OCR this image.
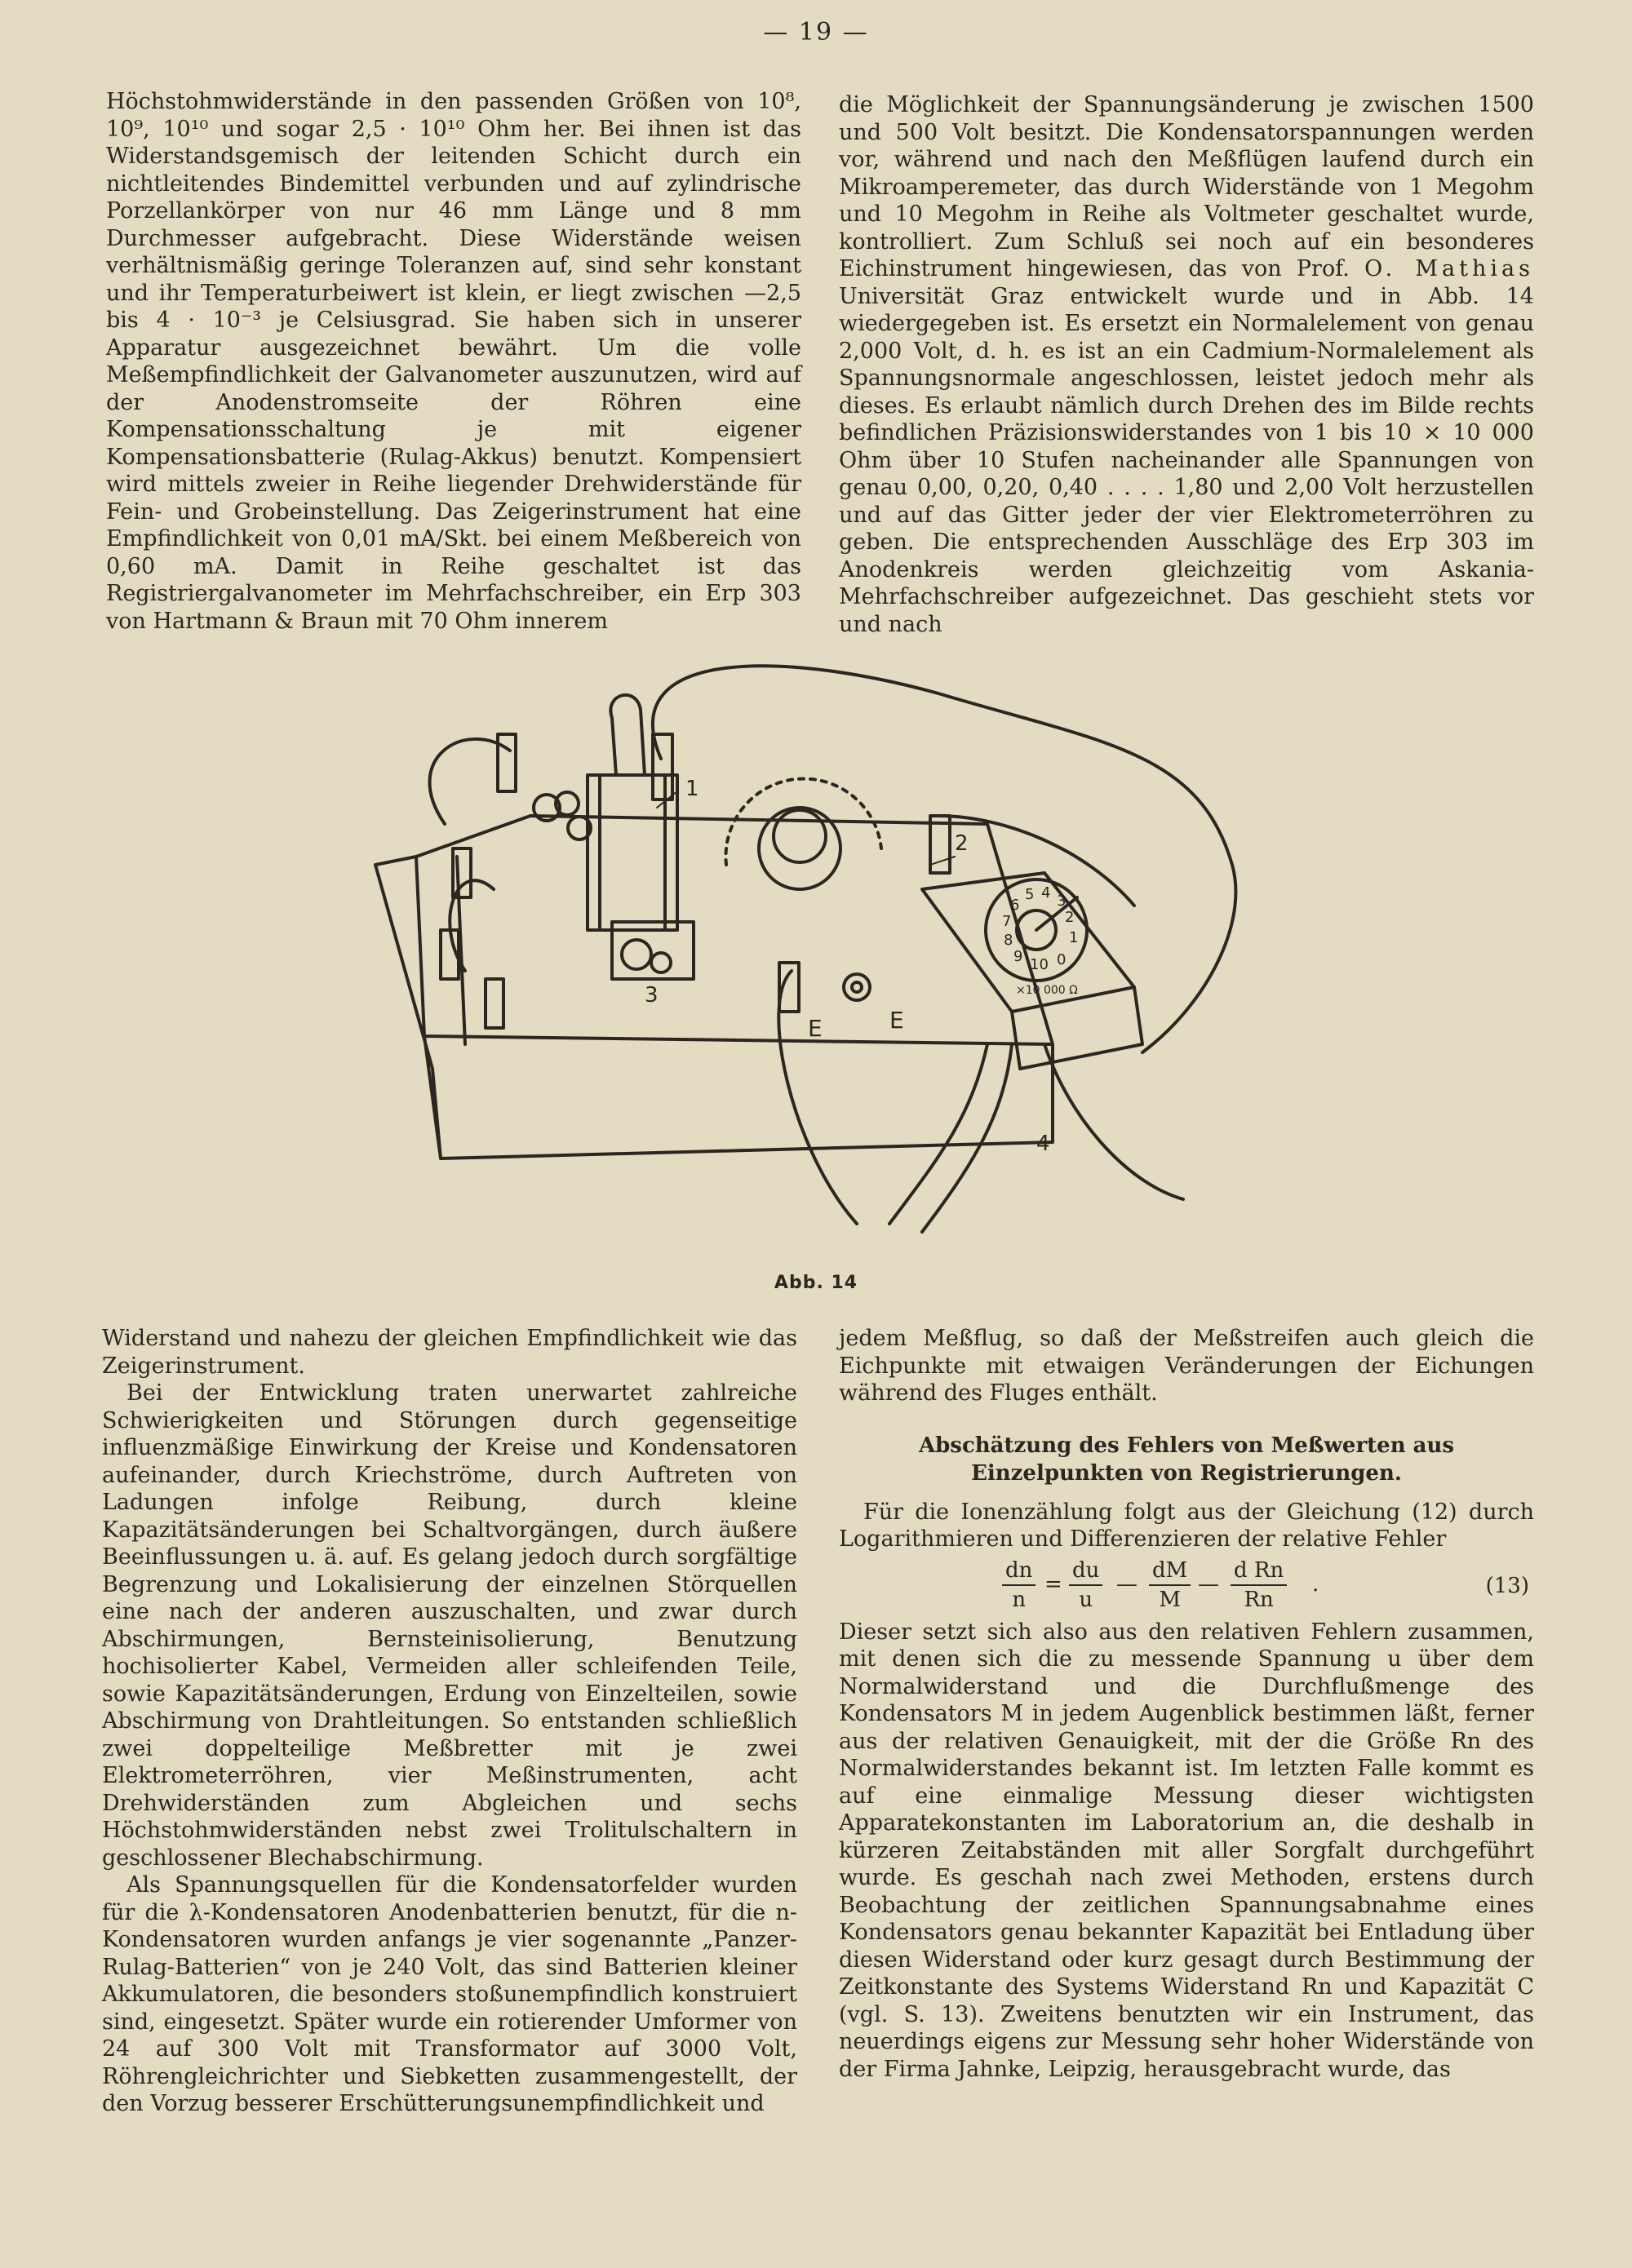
— 19 —

Höchstohmwiderstände in den passenden Größen von 10⁸, 10⁹, 10¹⁰ und sogar 2,5 · 10¹⁰ Ohm her. Bei ihnen ist das Widerstandsgemisch der leitenden Schicht durch ein nichtleitendes Bindemittel verbunden und auf zylindrische Porzellankörper von nur 46 mm Länge und 8 mm Durchmesser aufgebracht. Diese Widerstände weisen verhältnismäßig geringe Toleranzen auf, sind sehr konstant und ihr Temperaturbeiwert ist klein, er liegt zwischen —2,5 bis 4 · 10⁻³ je Celsiusgrad. Sie haben sich in unserer Apparatur ausgezeichnet bewährt. Um die volle Meßempfindlichkeit der Galvanometer auszunutzen, wird auf der Anodenstromseite der Röhren eine Kompensationsschaltung je mit eigener Kompensationsbatterie (Rulag-Akkus) benutzt. Kompensiert wird mittels zweier in Reihe liegender Drehwiderstände für Fein- und Grobeinstellung. Das Zeigerinstrument hat eine Empfindlichkeit von 0,01 mA/Skt. bei einem Meßbereich von 0,60 mA. Damit in Reihe geschaltet ist das Registriergalvanometer im Mehrfachschreiber, ein Erp 303 von Hartmann & Braun mit 70 Ohm innerem

die Möglichkeit der Spannungsänderung je zwischen 1500 und 500 Volt besitzt. Die Kondensatorspannungen werden vor, während und nach den Meßflügen laufend durch ein Mikroamperemeter, das durch Widerstände von 1 Megohm und 10 Megohm in Reihe als Voltmeter geschaltet wurde, kontrolliert. Zum Schluß sei noch auf ein besonderes Eichinstrument hingewiesen, das von Prof. O. Mathias Universität Graz entwickelt wurde und in Abb. 14 wiedergegeben ist. Es ersetzt ein Normalelement von genau 2,000 Volt, d. h. es ist an ein Cadmium-Normalelement als Spannungsnormale angeschlossen, leistet jedoch mehr als dieses. Es erlaubt nämlich durch Drehen des im Bilde rechts befindlichen Präzisionswiderstandes von 1 bis 10 × 10 000 Ohm über 10 Stufen nacheinander alle Spannungen von genau 0,00, 0,20, 0,40 . . . . 1,80 und 2,00 Volt herzustellen und auf das Gitter jeder der vier Elektrometerröhren zu geben. Die entsprechenden Ausschläge des Erp 303 im Anodenkreis werden gleichzeitig vom Askania-Mehrfachschreiber aufgezeichnet. Das geschieht stets vor und nach

1
2
3
4
E	E
1
2
3
4
5
6
7
8
9 10 0
×10 000 Ω
Abb. 14

Widerstand und nahezu der gleichen Empfindlichkeit wie das Zeigerinstrument.

Bei der Entwicklung traten unerwartet zahlreiche Schwierigkeiten und Störungen durch gegenseitige influenzmäßige Einwirkung der Kreise und Kondensatoren aufeinander, durch Kriechströme, durch Auftreten von Ladungen infolge Reibung, durch kleine Kapazitätsänderungen bei Schaltvorgängen, durch äußere Beeinflussungen u. ä. auf. Es gelang jedoch durch sorgfältige Begrenzung und Lokalisierung der einzelnen Störquellen eine nach der anderen auszuschalten, und zwar durch Abschirmungen, Bernsteinisolierung, Benutzung hochisolierter Kabel, Vermeiden aller schleifenden Teile, sowie Kapazitätsänderungen, Erdung von Einzelteilen, sowie Abschirmung von Drahtleitungen. So entstanden schließlich zwei doppelteilige Meßbretter mit je zwei Elektrometerröhren, vier Meßinstrumenten, acht Drehwiderständen zum Abgleichen und sechs Höchstohmwiderständen nebst zwei Trolitulschaltern in geschlossener Blechabschirmung.

Als Spannungsquellen für die Kondensatorfelder wurden für die λ-Kondensatoren Anodenbatterien benutzt, für die n-Kondensatoren wurden anfangs je vier sogenannte „Panzer-Rulag-Batterien“ von je 240 Volt, das sind Batterien kleiner Akkumulatoren, die besonders stoßunempfindlich konstruiert sind, eingesetzt. Später wurde ein rotierender Umformer von 24 auf 300 Volt mit Transformator auf 3000 Volt, Röhrengleichrichter und Siebketten zusammengestellt, der den Vorzug besserer Erschütterungsunempfindlichkeit und

jedem Meßflug, so daß der Meßstreifen auch gleich die Eichpunkte mit etwaigen Veränderungen der Eichungen während des Fluges enthält.

Abschätzung des Fehlers von Meßwerten aus Einzelpunkten von Registrierungen.

Für die Ionenzählung folgt aus der Gleichung (12) durch Logarithmieren und Differenzieren der relative Fehler

$\frac{dn}{n} = \frac{du}{u}$ — $\frac{dM}{M}$ — $\frac{\text{d Rn}}{Rn}$ .	(13)

Dieser setzt sich also aus den relativen Fehlern zusammen, mit denen sich die zu messende Spannung u über dem Normalwiderstand und die Durchflußmenge des Kondensators M in jedem Augenblick bestimmen läßt, ferner aus der relativen Genauigkeit, mit der die Größe Rn des Normalwiderstandes bekannt ist. Im letzten Falle kommt es auf eine einmalige Messung dieser wichtigsten Apparatekonstanten im Laboratorium an, die deshalb in kürzeren Zeitabständen mit aller Sorgfalt durchgeführt wurde. Es geschah nach zwei Methoden, erstens durch Beobachtung der zeitlichen Spannungsabnahme eines Kondensators genau bekannter Kapazität bei Entladung über diesen Widerstand oder kurz gesagt durch Bestimmung der Zeitkonstante des Systems Widerstand Rn und Kapazität C (vgl. S. 13). Zweitens benutzten wir ein Instrument, das neuerdings eigens zur Messung sehr hoher Widerstände von der Firma Jahnke, Leipzig, herausgebracht wurde, das
